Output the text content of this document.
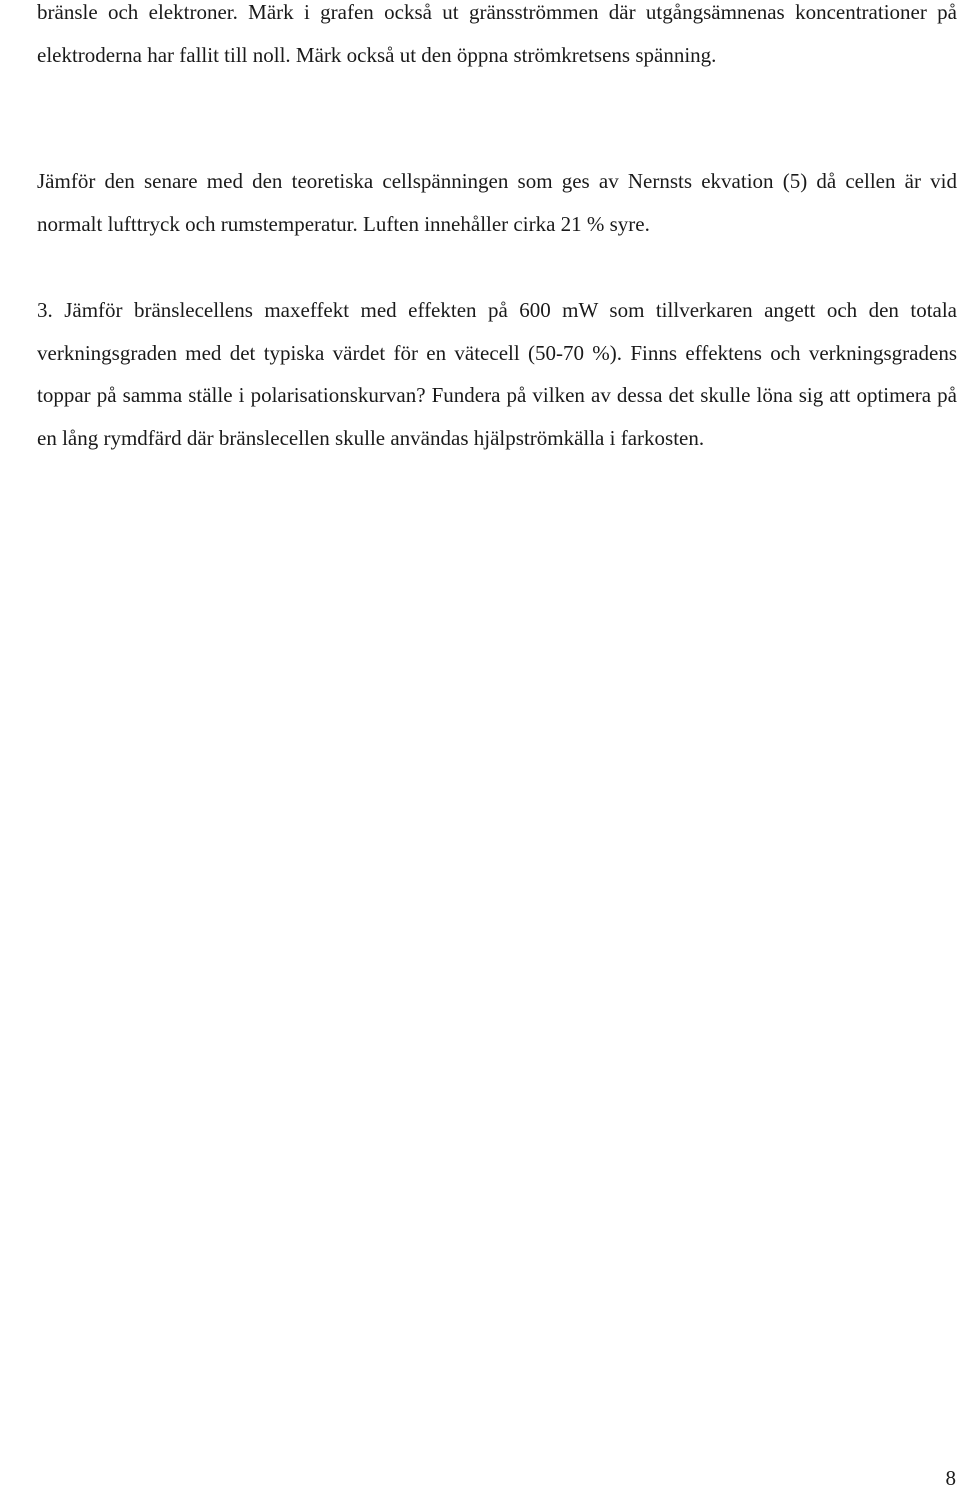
bränsle och elektroner. Märk i grafen också ut gränsströmmen där utgångsämnenas koncentrationer på elektroderna har fallit till noll. Märk också ut den öppna strömkretsens spänning.

Jämför den senare med den teoretiska cellspänningen som ges av Nernsts ekvation (5) då cellen är vid normalt lufttryck och rumstemperatur. Luften innehåller cirka 21 % syre.

3. Jämför bränslecellens maxeffekt med effekten på 600 mW som tillverkaren angett och den totala verkningsgraden med det typiska värdet för en vätecell (50-70 %). Finns effektens och verkningsgradens toppar på samma ställe i polarisationskurvan? Fundera på vilken av dessa det skulle löna sig att optimera på en lång rymdfärd där bränslecellen skulle användas hjälpströmkälla i farkosten.

8
